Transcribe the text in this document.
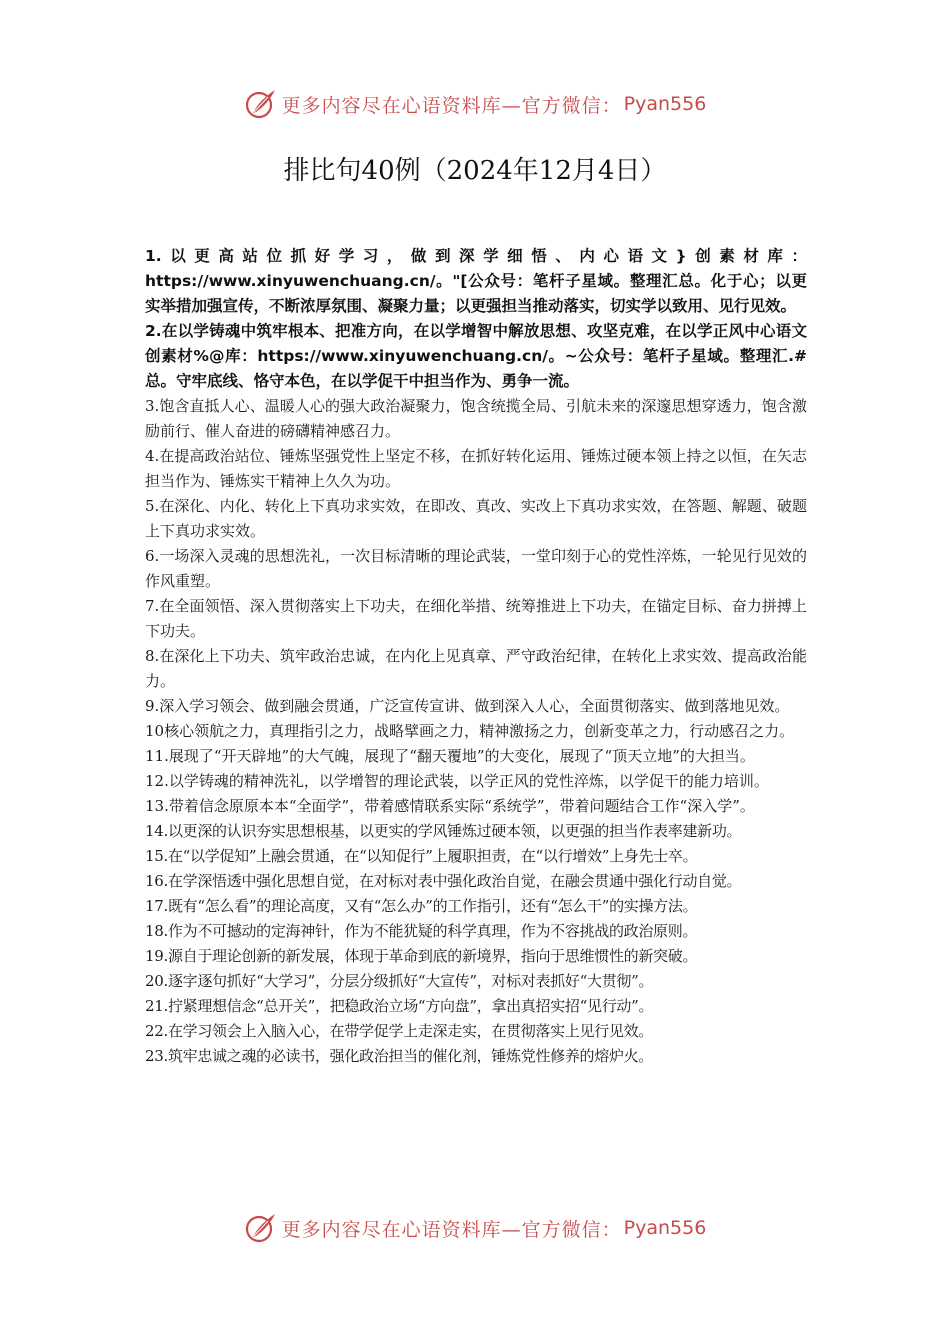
更多内容尽在心语资料库—官方微信： Pyan556
排比句40例（2024年12月4日）

1.以更高站位抓好学习，做到深学细悟、内心语文}创素材库：https://www.xinyuwenchuang.cn/。"[公众号：笔杆子星域。整理汇总。化于心；以更实举措加强宣传，不断浓厚氛围、凝聚力量；以更强担当推动落实，切实学以致用、见行见效。

2.在以学铸魂中筑牢根本、把准方向，在以学增智中解放思想、攻坚克难，在以学正风中心语文创素材%@库：https://www.xinyuwenchuang.cn/。~公众号：笔杆子星域。整理汇.#总。守牢底线、恪守本色，在以学促干中担当作为、勇争一流。

3.饱含直抵人心、温暖人心的强大政治凝聚力，饱含统揽全局、引航未来的深邃思想穿透力，饱含激励前行、催人奋进的磅礴精神感召力。

4.在提高政治站位、锤炼坚强党性上坚定不移，在抓好转化运用、锤炼过硬本领上持之以恒，在矢志担当作为、锤炼实干精神上久久为功。

5.在深化、内化、转化上下真功求实效，在即改、真改、实改上下真功求实效，在答题、解题、破题上下真功求实效。

6.一场深入灵魂的思想洗礼，一次目标清晰的理论武装，一堂印刻于心的党性淬炼，一轮见行见效的作风重塑。

7.在全面领悟、深入贯彻落实上下功夫，在细化举措、统筹推进上下功夫，在锚定目标、奋力拼搏上下功夫。

8.在深化上下功夫、筑牢政治忠诚，在内化上见真章、严守政治纪律，在转化上求实效、提高政治能力。

9.深入学习领会、做到融会贯通，广泛宣传宣讲、做到深入人心，全面贯彻落实、做到落地见效。

10核心领航之力，真理指引之力，战略擘画之力，精神激扬之力，创新变革之力，行动感召之力。

11.展现了“开天辟地”的大气魄，展现了“翻天覆地”的大变化，展现了“顶天立地”的大担当。

12.以学铸魂的精神洗礼，以学增智的理论武装，以学正风的党性淬炼，以学促干的能力培训。

13.带着信念原原本本“全面学”，带着感情联系实际“系统学”，带着问题结合工作“深入学”。

14.以更深的认识夯实思想根基，以更实的学风锤炼过硬本领，以更强的担当作表率建新功。

15.在“以学促知”上融会贯通，在“以知促行”上履职担责，在“以行增效”上身先士卒。

16.在学深悟透中强化思想自觉，在对标对表中强化政治自觉，在融会贯通中强化行动自觉。

17.既有“怎么看”的理论高度，又有“怎么办”的工作指引，还有“怎么干”的实操方法。

18.作为不可撼动的定海神针，作为不能犹疑的科学真理，作为不容挑战的政治原则。

19.源自于理论创新的新发展，体现于革命到底的新境界，指向于思维惯性的新突破。

20.逐字逐句抓好“大学习”，分层分级抓好“大宣传”，对标对表抓好“大贯彻”。

21.拧紧理想信念“总开关”，把稳政治立场“方向盘”，拿出真招实招“见行动”。

22.在学习领会上入脑入心，在带学促学上走深走实，在贯彻落实上见行见效。

23.筑牢忠诚之魂的必读书，强化政治担当的催化剂，锤炼党性修养的熔炉火。

更多内容尽在心语资料库—官方微信： Pyan556
